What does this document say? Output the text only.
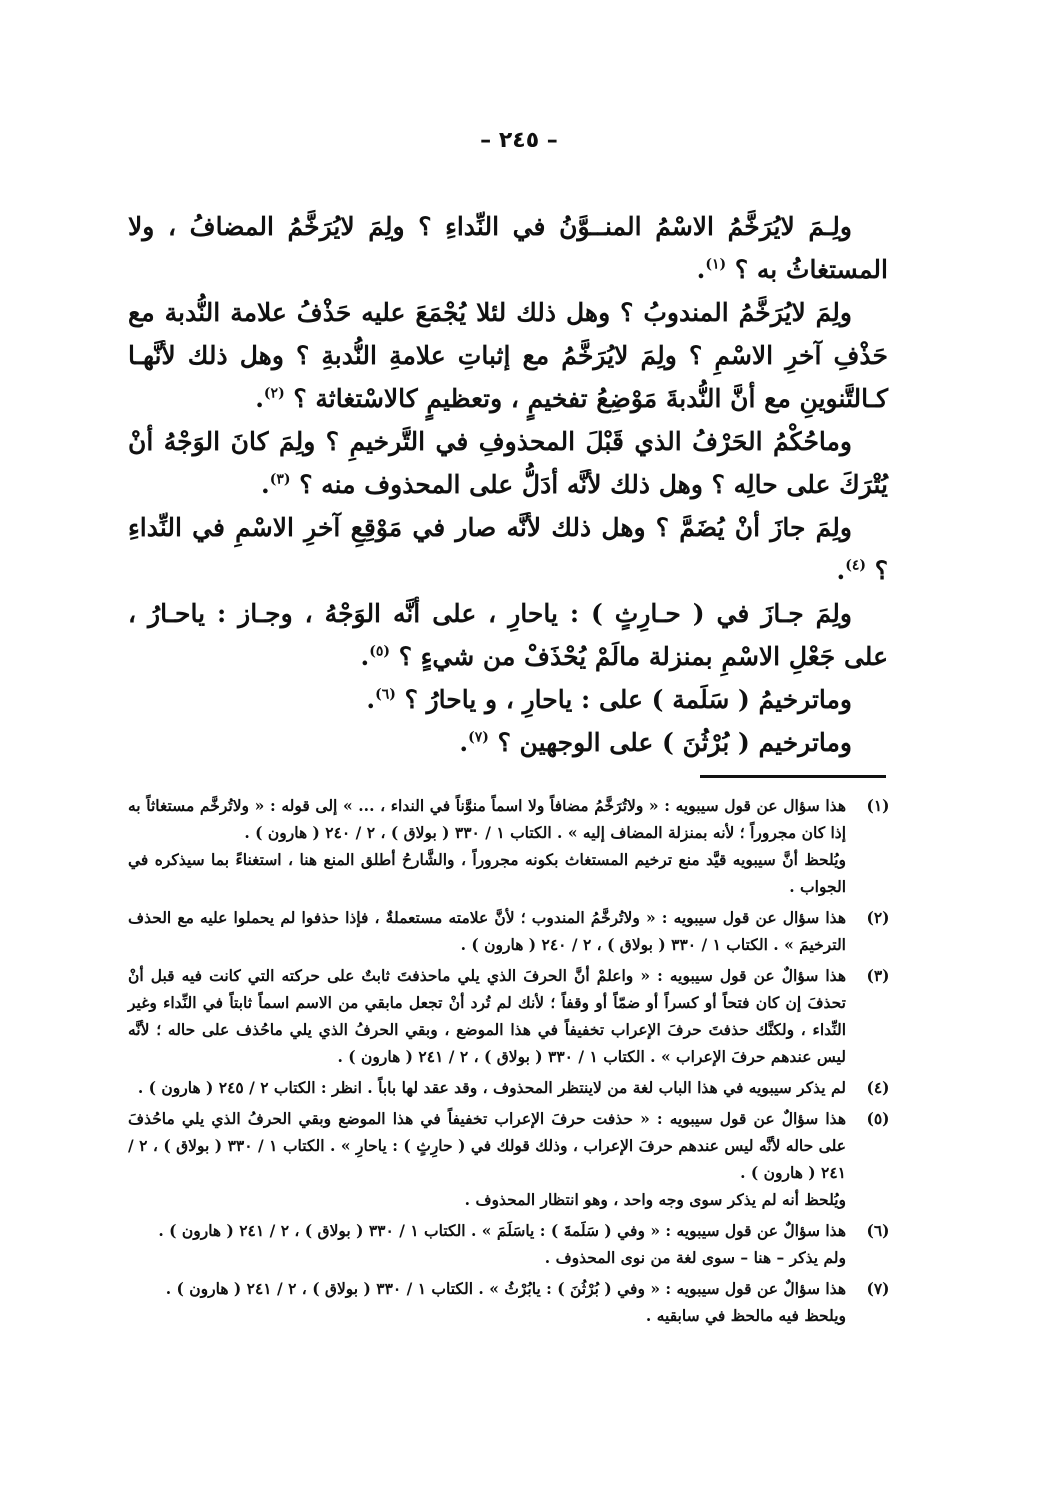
– ٢٤٥ –

ولِـمَ لايُرَخَّمُ الاسْمُ المنــوَّنُ في النِّداءِ ؟ ولِمَ لايُرَخَّمُ المضافُ ، ولا المستغاثُ به ؟ $^{(١)}$.

ولِمَ لايُرَخَّمُ المندوبُ ؟ وهل ذلك لئلا يُجْمَعَ عليه حَذْفُ علامة النُّدبة مع حَذْفِ آخرِ الاسْمِ ؟ ولِمَ لايُرَخَّمُ مع إثباتِ علامةِ النُّدبةِ ؟ وهل ذلك لأنَّهـا كـالتَّنوينِ مع أنَّ النُّدبةَ مَوْضِعُ تفخيمٍ ، وتعظيمٍ كالاسْتغاثة ؟ $^{(٢)}$.

وماحُكْمُ الحَرْفُ الذي قَبْلَ المحذوفِ في التَّرخيمِ ؟ ولِمَ كانَ الوَجْهُ أنْ يُتْرَكَ على حالِه ؟ وهل ذلك لأنَّه أدَلُّ على المحذوف منه ؟ $^{(٣)}$.

ولِمَ جازَ أنْ يُضَمَّ ؟ وهل ذلك لأنَّه صار في مَوْقِعِ آخرِ الاسْمِ في النِّداءِ ؟ $^{(٤)}$.

ولِمَ جـازَ في ( حـارِثٍ ) : ياحارِ ، على أنَّه الوَجْهُ ، وجـاز : ياحـارُ ، على جَعْلِ الاسْمِ بمنزلة مالَمْ يُحْذَفْ من شيءٍ ؟ $^{(٥)}$.

وماترخيمُ ( سَلَمة ) على : ياحارِ ، و ياحارُ ؟ $^{(٦)}$.

وماترخيم ( بُرْثُنَ ) على الوجهين ؟ $^{(٧)}$.

(١)

هذا سؤال عن قول سيبويه : « ولاتُرَخَّمُ مضافاً ولا اسماً منوَّناً في النداء ، ... » إلى قوله : « ولاتُرخَّم مستغاثاً به إذا كان مجروراً ؛ لأنه بمنزلة المضاف إليه » . الكتاب ١ / ٣٣٠ ( بولاق ) ، ٢ / ٢٤٠ ( هارون ) .

ويُلحظ أنَّ سيبويه قيَّد منع ترخيم المستغاث بكونه مجروراً ، والشَّارحُ أطلق المنع هنا ، استغناءً بما سيذكره في الجواب .

(٢)

هذا سؤال عن قول سيبويه : « ولاتُرخَّمُ المندوب ؛ لأنَّ علامته مستعملةٌ ، فإذا حذفوا لم يحملوا عليه مع الحذف الترخيمَ » . الكتاب ١ / ٣٣٠ ( بولاق ) ، ٢ / ٢٤٠ ( هارون ) .

(٣)

هذا سؤالٌ عن قول سيبويه : « واعلمْ أنَّ الحرفَ الذي يلي ماحذفتَ ثابتٌ على حركته التي كانت فيه قبل أنْ تحذفَ إن كان فتحاً أو كسراً أو ضمّاً أو وقفاً ؛ لأنك لم تُرد أنْ تجعل مابقي من الاسم اسماً ثابتاً في النِّداء وغير النِّداء ، ولكنَّك حذفتَ حرفَ الإعراب تخفيفاً في هذا الموضع ، وبقي الحرفُ الذي يلي ماحُذف على حاله ؛ لأنَّه ليس عندهم حرفَ الإعراب » . الكتاب ١ / ٣٣٠ ( بولاق ) ، ٢ / ٢٤١ ( هارون ) .

(٤)

لم يذكر سيبويه في هذا الباب لغة من لاينتظر المحذوف ، وقد عقد لها باباً . انظر : الكتاب ٢ / ٢٤٥ ( هارون ) .

(٥)

هذا سؤالٌ عن قول سيبويه : « حذفت حرفَ الإعراب تخفيفاً في هذا الموضع وبقي الحرفُ الذي يلي ماحُذفَ على حاله لأنَّه ليس عندهم حرفَ الإعراب ، وذلك قولك في ( حارِثٍ ) : ياحارِ » . الكتاب ١ / ٣٣٠ ( بولاق ) ، ٢ / ٢٤١ ( هارون ) .

ويُلحظ أنه لم يذكر سوى وجه واحد ، وهو انتظار المحذوف .

(٦)

هذا سؤالٌ عن قول سيبويه : « وفي ( سَلَمةَ ) : ياسَلَمَ » . الكتاب ١ / ٣٣٠ ( بولاق ) ، ٢ / ٢٤١ ( هارون ) .

ولم يذكر – هنا – سوى لغة من نوى المحذوف .

(٧)

هذا سؤالٌ عن قول سيبويه : « وفي ( بُرْثُنَ ) : يابُرْثُ » . الكتاب ١ / ٣٣٠ ( بولاق ) ، ٢ / ٢٤١ ( هارون ) .

ويلحظ فيه مالحظ في سابقيه .
